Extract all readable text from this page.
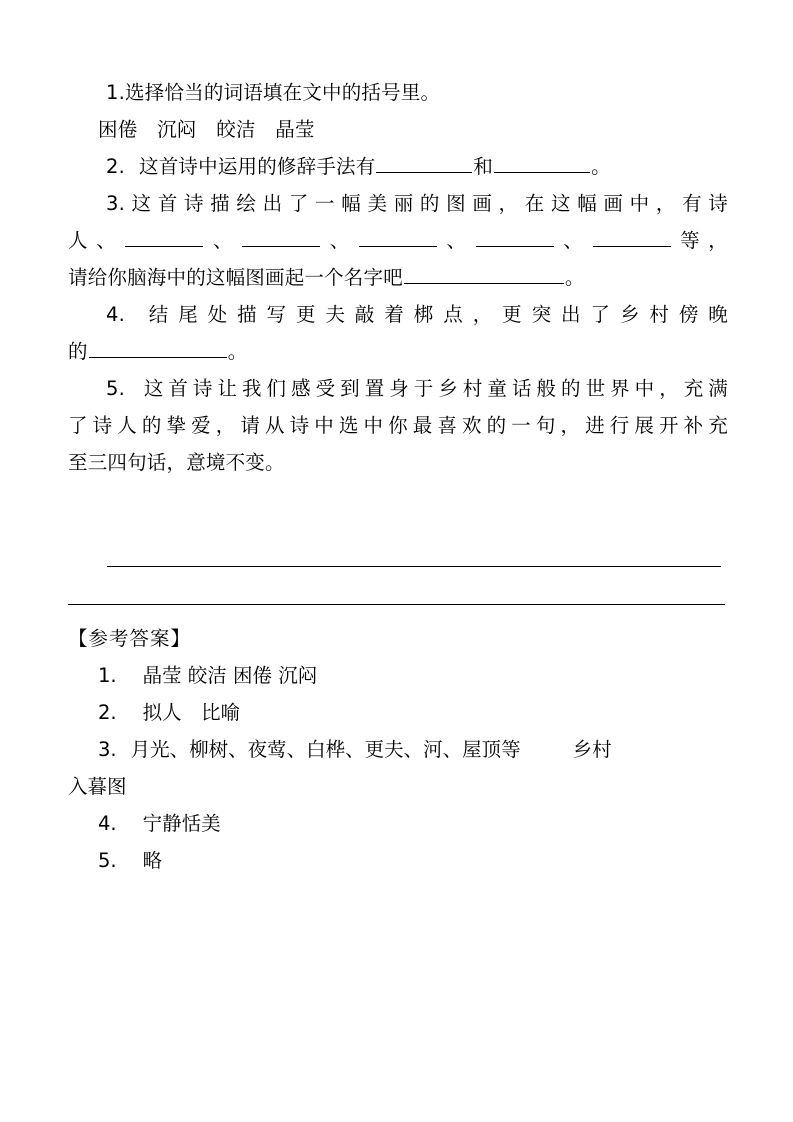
1.选择恰当的词语填在文中的括号里。
困倦　沉闷　皎洁　晶莹
2. 这首诗中运用的修辞手法有	和	。
3.这首诗描绘出了一幅美丽的图画，在这幅画中，有诗
人、	、	、	、	、	等，
请给你脑海中的这幅图画起一个名字吧	。
4. 结尾处描写更夫敲着梆点，更突出了乡村傍晚
的	。
5. 这首诗让我们感受到置身于乡村童话般的世界中，充满
了诗人的挚爱，请从诗中选中你最喜欢的一句，进行展开补充
至三四句话，意境不变。
【参考答案】
1. 晶莹 皎洁 困倦 沉闷
2. 拟人　比喻
3. 月光、柳树、夜莺、白桦、更夫、河、屋顶等	乡村
入暮图
4. 宁静恬美
5. 略
